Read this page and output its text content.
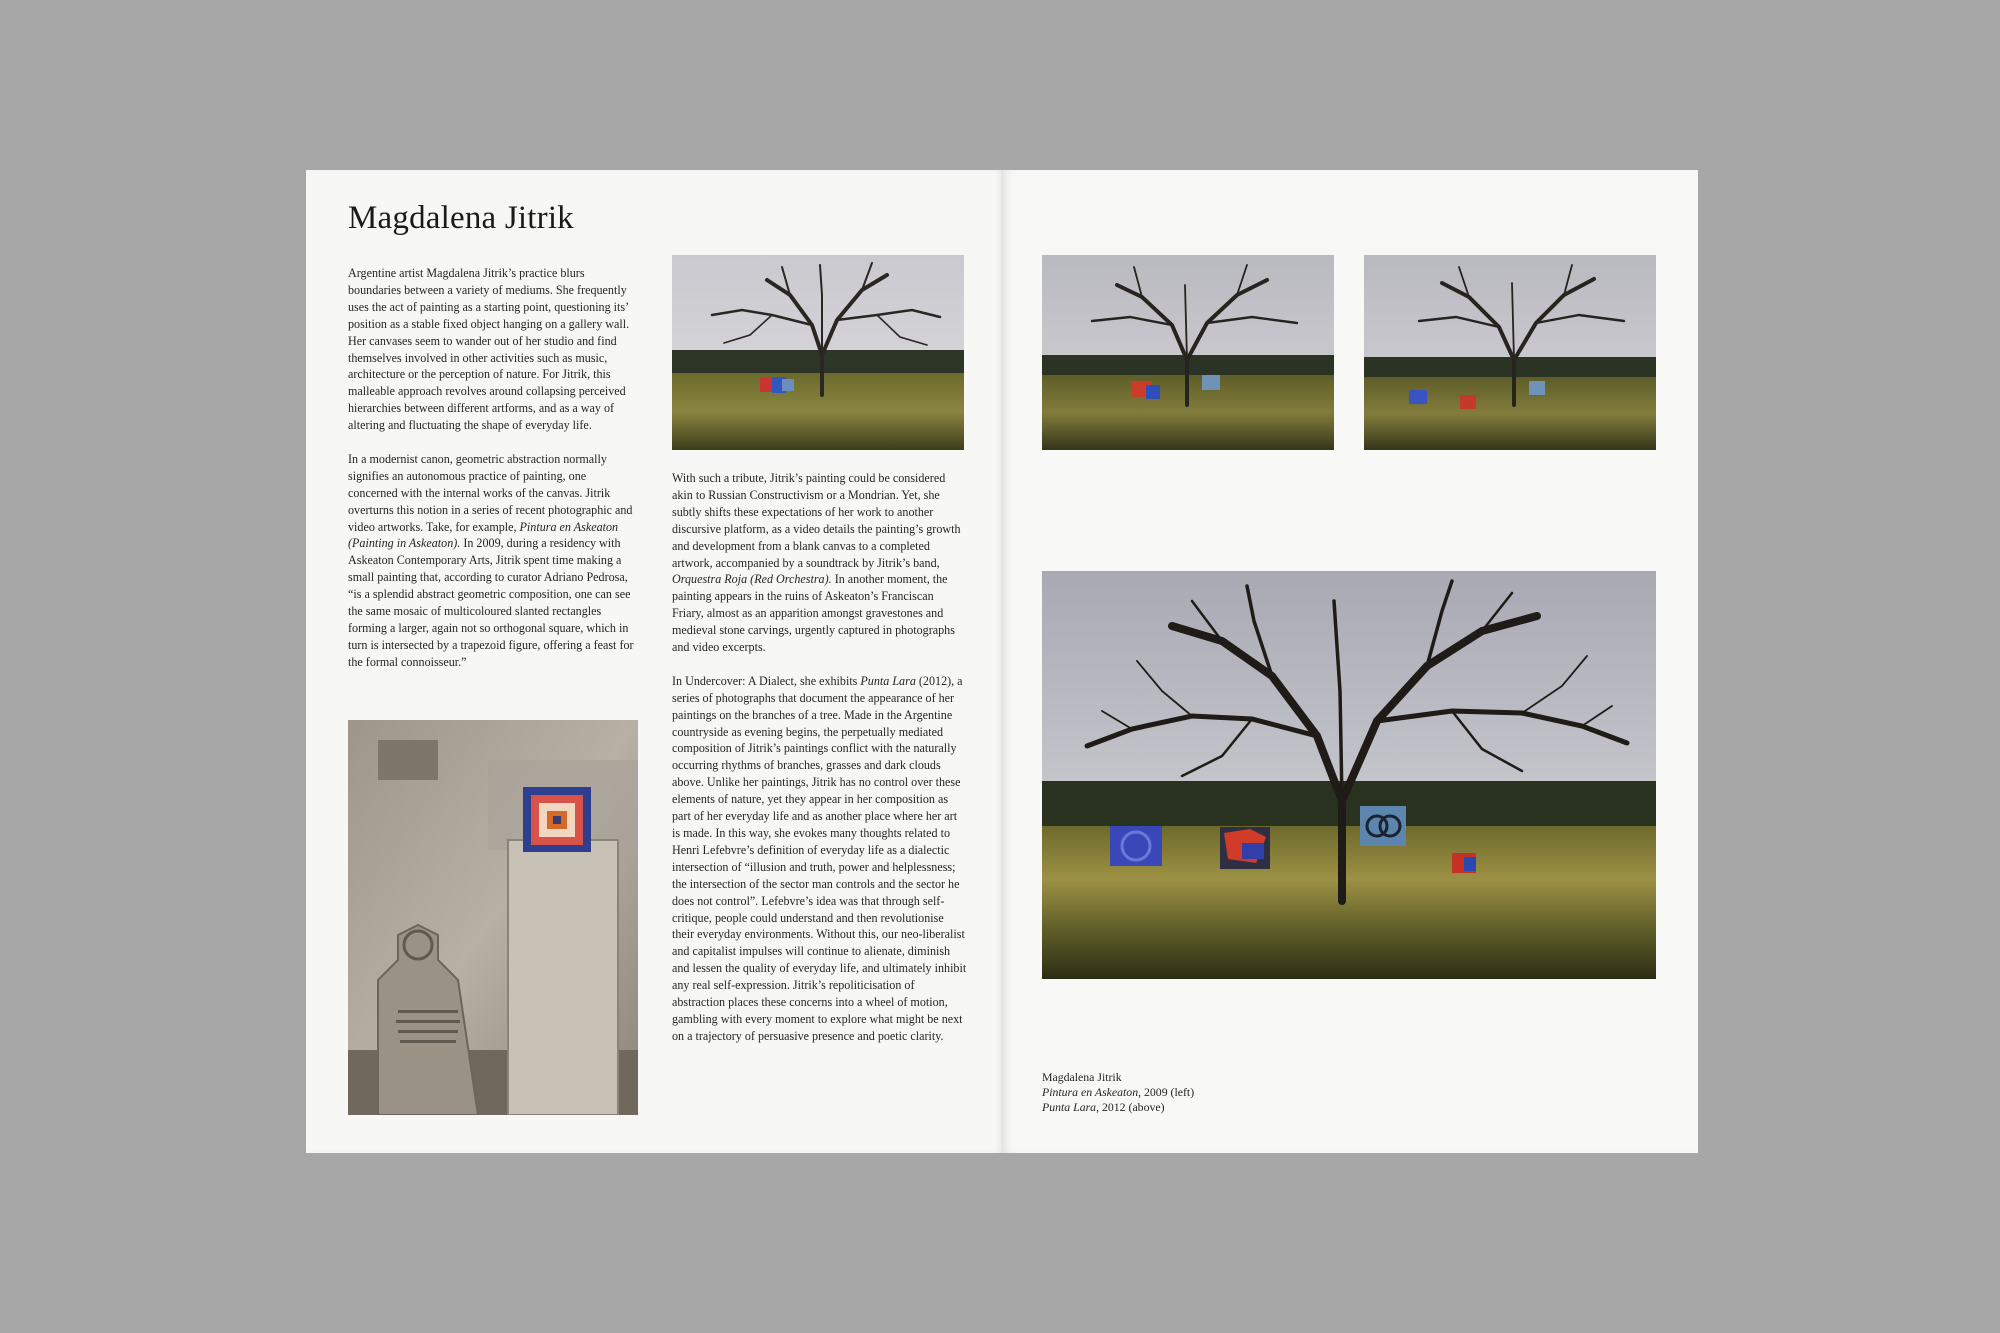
Magdalena Jitrik

Argentine artist Magdalena Jitrik’s practice blurs boundaries between a variety of mediums. She frequently uses the act of painting as a starting point, questioning its’ position as a stable fixed object hanging on a gallery wall. Her canvases seem to wander out of her studio and find themselves involved in other activities such as music, architecture or the perception of nature. For Jitrik, this malleable approach revolves around collapsing perceived hierarchies between different artforms, and as a way of altering and fluctuating the shape of everyday life.

In a modernist canon, geometric abstraction normally signifies an autonomous practice of painting, one concerned with the internal works of the canvas. Jitrik overturns this notion in a series of recent photographic and video artworks. Take, for example, Pintura en Askeaton (Painting in Askeaton). In 2009, during a residency with Askeaton Contemporary Arts, Jitrik spent time making a small painting that, according to curator Adriano Pedrosa, “is a splendid abstract geometric composition, one can see the same mosaic of multicoloured slanted rectangles forming a larger, again not so orthogonal square, which in turn is intersected by a trapezoid figure, offering a feast for the formal connoisseur.”

With such a tribute, Jitrik’s painting could be considered akin to Russian Constructivism or a Mondrian. Yet, she subtly shifts these expectations of her work to another discursive platform, as a video details the painting’s growth and development from a blank canvas to a completed artwork, accompanied by a soundtrack by Jitrik’s band, Orquestra Roja (Red Orchestra). In another moment, the painting appears in the ruins of Askeaton’s Franciscan Friary, almost as an apparition amongst gravestones and medieval stone carvings, urgently captured in photographs and video excerpts.

In Undercover: A Dialect, she exhibits Punta Lara (2012), a series of photographs that document the appearance of her paintings on the branches of a tree. Made in the Argentine countryside as evening begins, the perpetually mediated composition of Jitrik’s paintings conflict with the naturally occurring rhythms of branches, grasses and dark clouds above. Unlike her paintings, Jitrik has no control over these elements of nature, yet they appear in her composition as part of her everyday life and as another place where her art is made. In this way, she evokes many thoughts related to Henri Lefebvre’s definition of everyday life as a dialectic intersection of “illusion and truth, power and helplessness; the intersection of the sector man controls and the sector he does not control”. Lefebvre’s idea was that through self-critique, people could understand and then revolutionise their everyday environments. Without this, our neo-liberalist and capitalist impulses will continue to alienate, diminish and lessen the quality of everyday life, and ultimately inhibit any real self-expression. Jitrik’s repoliticisation of abstraction places these concerns into a wheel of motion, gambling with every moment to explore what might be next on a trajectory of persuasive presence and poetic clarity.

Magdalena Jitrik
Pintura en Askeaton, 2009 (left)
Punta Lara, 2012 (above)
